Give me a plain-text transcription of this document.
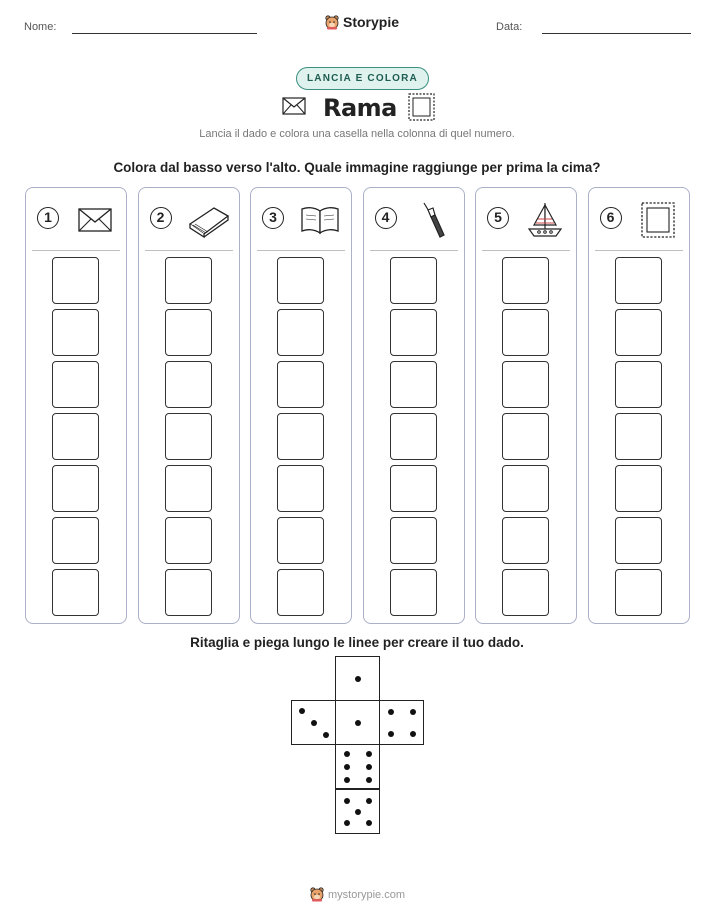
Nome:	Storypie	Data:
LANCIA E COLORA
Rama
Lancia il dado e colora una casella nella colonna di quel numero.
Colora dal basso verso l'alto. Quale immagine raggiunge per prima la cima?
1	2	3	4	5	6
Ritaglia e piega lungo le linee per creare il tuo dado.
mystorypie.com
